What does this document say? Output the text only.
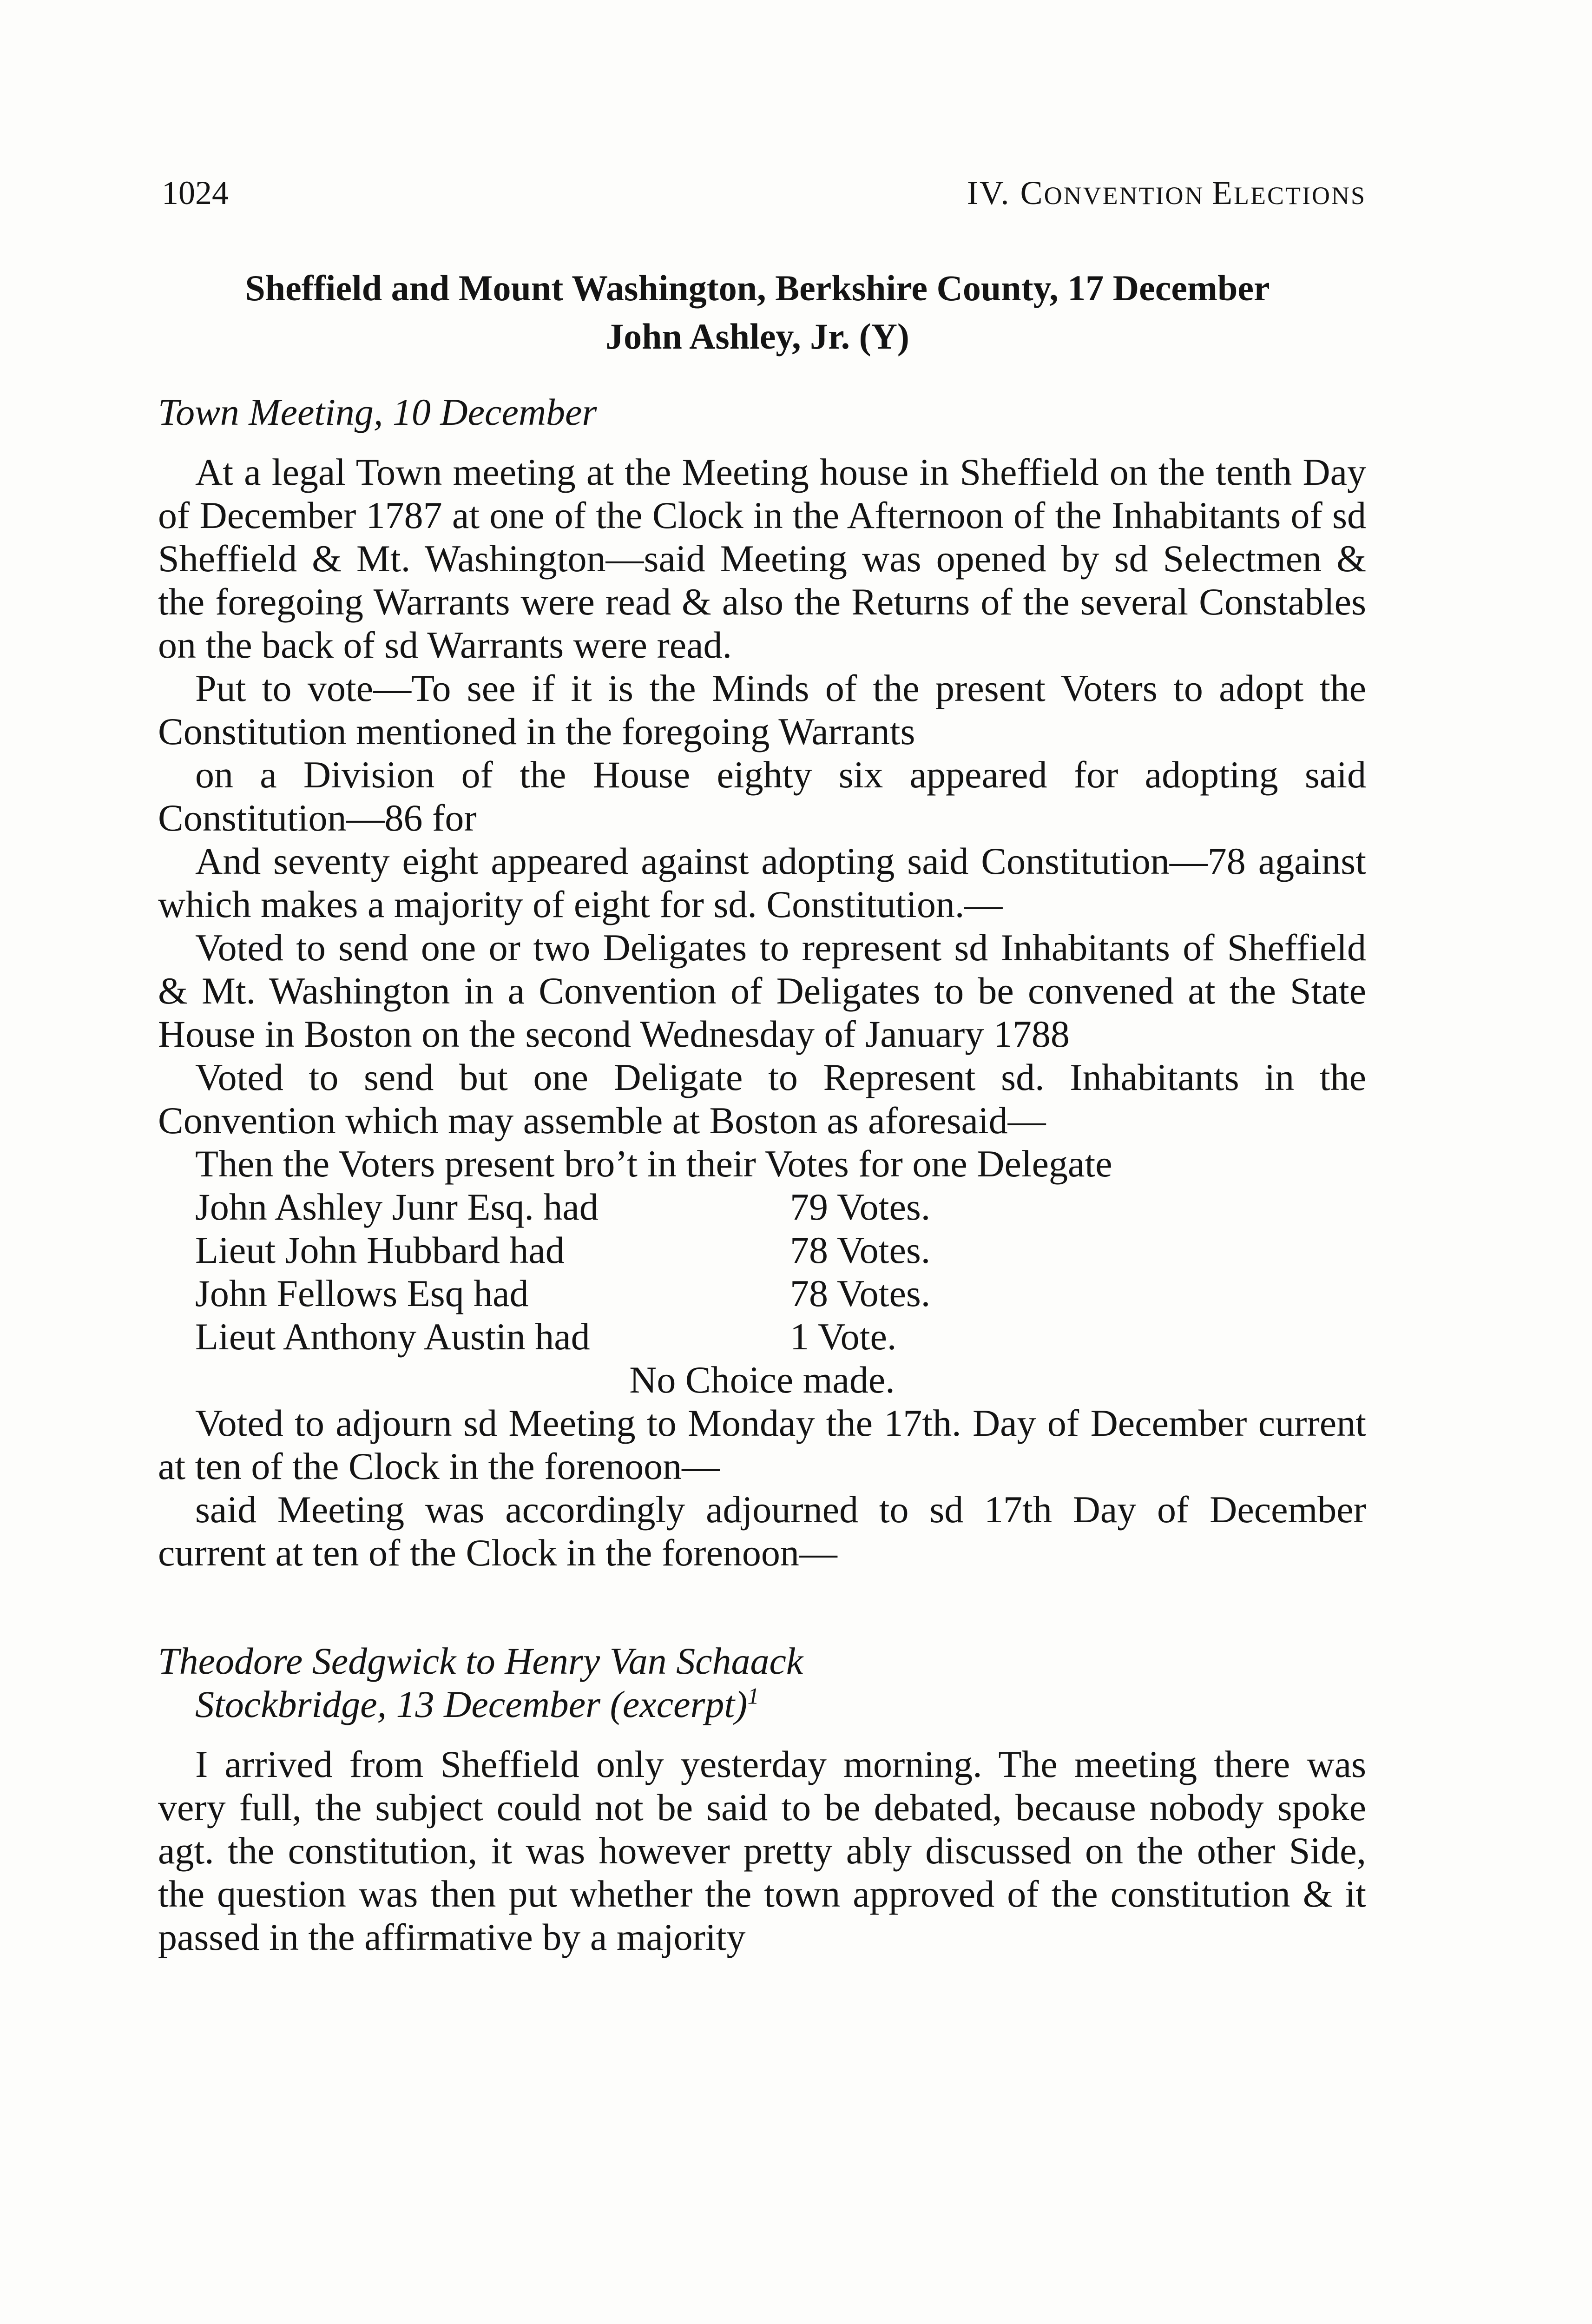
1024	IV. CONVENTION ELECTIONS
Sheffield and Mount Washington, Berkshire County, 17 December
John Ashley, Jr. (Y)
Town Meeting, 10 December

At a legal Town meeting at the Meeting house in Sheffield on the tenth Day of December 1787 at one of the Clock in the Afternoon of the Inhabitants of sd Sheffield & Mt. Washington—said Meeting was opened by sd Selectmen & the foregoing Warrants were read & also the Returns of the several Constables on the back of sd Warrants were read.

Put to vote—To see if it is the Minds of the present Voters to adopt the Constitution mentioned in the foregoing Warrants

on a Division of the House eighty six appeared for adopting said Constitution—86 for

And seventy eight appeared against adopting said Constitution—78 against which makes a majority of eight for sd. Constitution.—

Voted to send one or two Deligates to represent sd Inhabitants of Sheffield & Mt. Washington in a Convention of Deligates to be convened at the State House in Boston on the second Wednesday of January 1788

Voted to send but one Deligate to Represent sd. Inhabitants in the Convention which may assemble at Boston as aforesaid—

Then the Voters present bro’t in their Votes for one Delegate

John Ashley Junr Esq. had	79 Votes.
Lieut John Hubbard had	78 Votes.
John Fellows Esq had	78 Votes.
Lieut Anthony Austin had	1 Vote.
No Choice made.

Voted to adjourn sd Meeting to Monday the 17th. Day of December current at ten of the Clock in the forenoon—

said Meeting was accordingly adjourned to sd 17th Day of December current at ten of the Clock in the forenoon—

Theodore Sedgwick to Henry Van Schaack
Stockbridge, 13 December (excerpt)$^1$

I arrived from Sheffield only yesterday morning. The meeting there was very full, the subject could not be said to be debated, because nobody spoke agt. the constitution, it was however pretty ably discussed on the other Side, the question was then put whether the town approved of the constitution & it passed in the affirmative by a majority
